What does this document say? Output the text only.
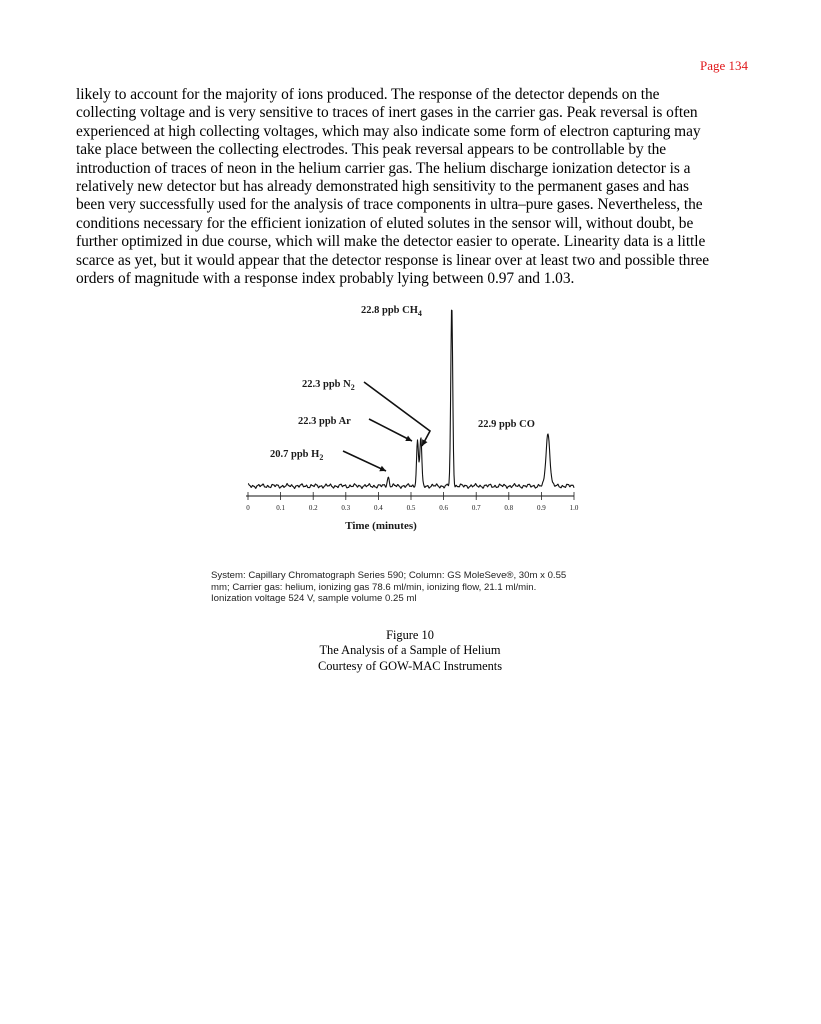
Page 134

likely to account for the majority of ions produced. The response of the detector depends on the
collecting voltage and is very sensitive to traces of inert gases in the carrier gas. Peak reversal is often
experienced at high collecting voltages, which may also indicate some form of electron capturing may
take place between the collecting electrodes. This peak reversal appears to be controllable by the
introduction of traces of neon in the helium carrier gas. The helium discharge ionization detector is a
relatively new detector but has already demonstrated high sensitivity to the permanent gases and has
been very successfully used for the analysis of trace components in ultra–pure gases. Nevertheless, the
conditions necessary for the efficient ionization of eluted solutes in the sensor will, without doubt, be
further optimized in due course, which will make the detector easier to operate. Linearity data is a little
scarce as yet, but it would appear that the detector response is linear over at least two and possible three
orders of magnitude with a response index probably lying between 0.97 and 1.03.

0	0.1	0.2	0.3	0.4	0.5	0.6	0.7	0.8	0.9	1.0
20.7 ppb $H_2$
22.3 ppb Ar
22.3 ppb $N_2$
22.8 ppb $CH_4$
22.9 ppb CO
Time (minutes)

System: Capillary Chromatograph Series 590; Column: GS MoleSeve®, 30m x 0.55
mm; Carrier gas: helium, ionizing gas 78.6 ml/min, ionizing flow, 21.1 ml/min.
Ionization voltage 524 V, sample volume 0.25 ml

Figure 10
The Analysis of a Sample of Helium
Courtesy of GOW-MAC Instruments
